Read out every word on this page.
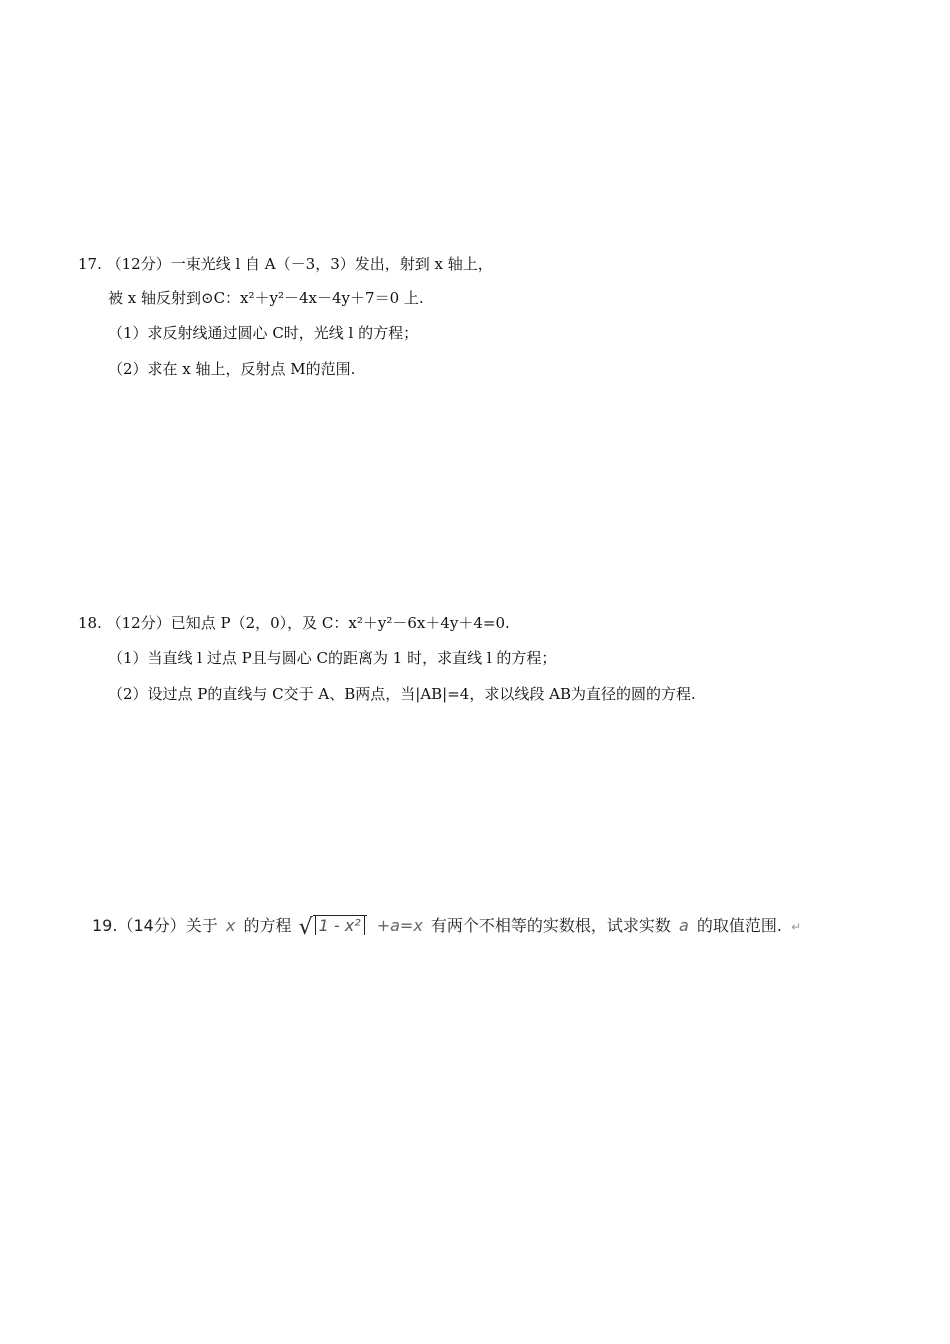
17. （12分）一束光线 l 自 A（－3，3）发出，射到 x 轴上，
被 x 轴反射到⊙C：x²＋y²－4x－4y＋7＝0 上.
（1）求反射线通过圆心 C时，光线 l 的方程；
（2）求在 x 轴上，反射点 M的范围.
18. （12分）已知点 P（2，0），及 C：x²＋y²－6x＋4y＋4=0.
（1）当直线 l 过点 P且与圆心 C的距离为 1 时，求直线 l 的方程；
（2）设过点 P的直线与 C交于 A、B两点，当|AB|=4，求以线段 AB为直径的圆的方程.
19.（14分）关于 x 的方程 √ 1 - x² +a=x 有两个不相等的实数根，试求实数 a 的取值范围. ↵
